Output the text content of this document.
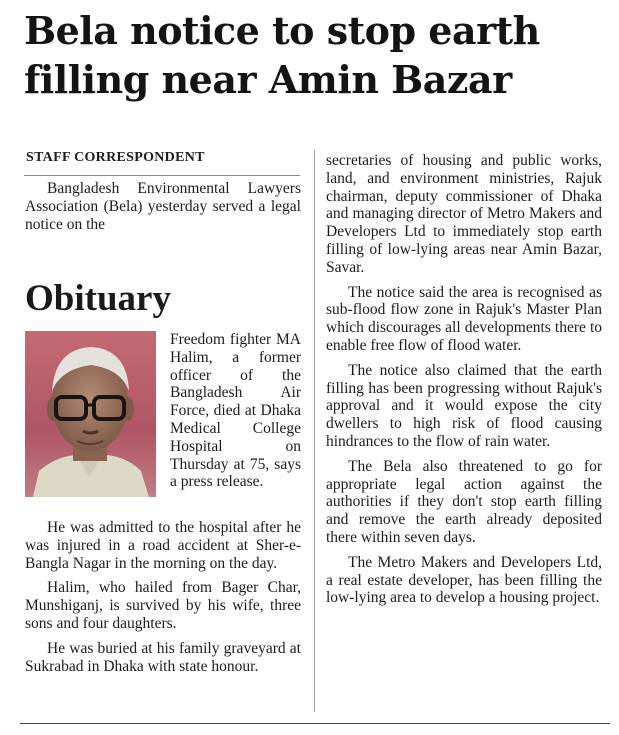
Bela notice to stop earth filling near Amin Bazar

STAFF CORRESPONDENT

Bangladesh Environmental Lawyers Association (Bela) yesterday served a legal notice on the

Obituary

Freedom fighter MA Halim, a former officer of the Bangladesh Air Force, died at Dhaka Medical College Hospital on Thursday at 75, says a press release.

He was admitted to the hospital after he was injured in a road accident at Sher-e-Bangla Nagar in the morning on the day.

Halim, who hailed from Bager Char, Munshiganj, is survived by his wife, three sons and four daughters.

He was buried at his family graveyard at Sukrabad in Dhaka with state honour.

secretaries of housing and public works, land, and environment ministries, Rajuk chairman, deputy commissioner of Dhaka and managing director of Metro Makers and Developers Ltd to immediately stop earth filling of low-lying areas near Amin Bazar, Savar.

The notice said the area is recognised as sub-flood flow zone in Rajuk's Master Plan which discourages all developments there to enable free flow of flood water.

The notice also claimed that the earth filling has been progressing without Rajuk's approval and it would expose the city dwellers to high risk of flood causing hindrances to the flow of rain water.

The Bela also threatened to go for appropriate legal action against the authorities if they don't stop earth filling and remove the earth already deposited there within seven days.

The Metro Makers and Developers Ltd, a real estate developer, has been filling the low-lying area to develop a housing project.
